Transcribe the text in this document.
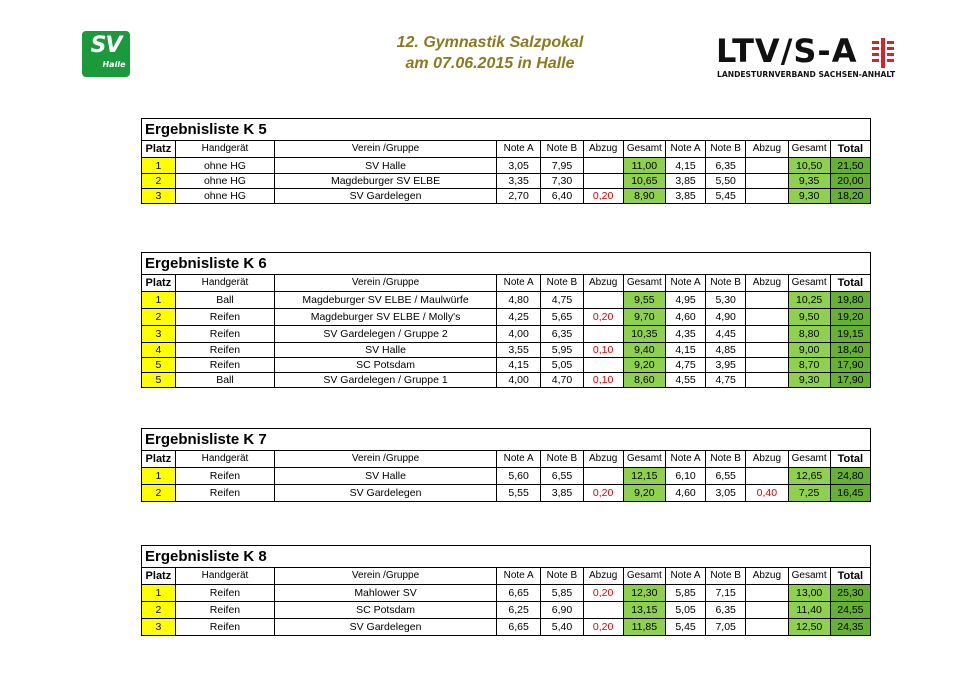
SV
Halle
12. Gymnastik Salzpokal
am 07.06.2015 in Halle	LTV/S-A
LANDESTURNVERBAND SACHSEN-ANHALT
Ergebnisliste K 5
Platz	Handgerät	Verein /Gruppe	Note A	Note B	Abzug	Gesamt	Note A	Note B	Abzug	Gesamt	Total
1	ohne HG	SV Halle	3,05	7,95		11,00	4,15	6,35		10,50	21,50
2	ohne HG	Magdeburger SV ELBE	3,35	7,30		10,65	3,85	5,50		9,35	20,00
3	ohne HG	SV Gardelegen	2,70	6,40	0,20	8,90	3,85	5,45		9,30	18,20
Ergebnisliste K 6
Platz	Handgerät	Verein /Gruppe	Note A	Note B	Abzug	Gesamt	Note A	Note B	Abzug	Gesamt	Total
1	Ball	Magdeburger SV ELBE / Maulwürfe	4,80	4,75		9,55	4,95	5,30		10,25	19,80
2	Reifen	Magdeburger SV ELBE / Molly's	4,25	5,65	0,20	9,70	4,60	4,90		9,50	19,20
3	Reifen	SV Gardelegen / Gruppe 2	4,00	6,35		10,35	4,35	4,45		8,80	19,15
4	Reifen	SV Halle	3,55	5,95	0,10	9,40	4,15	4,85		9,00	18,40
5	Reifen	SC Potsdam	4,15	5,05		9,20	4,75	3,95		8,70	17,90
5	Ball	SV Gardelegen / Gruppe 1	4,00	4,70	0,10	8,60	4,55	4,75		9,30	17,90
Ergebnisliste K 7
Platz	Handgerät	Verein /Gruppe	Note A	Note B	Abzug	Gesamt	Note A	Note B	Abzug	Gesamt	Total
1	Reifen	SV Halle	5,60	6,55		12,15	6,10	6,55		12,65	24,80
2	Reifen	SV Gardelegen	5,55	3,85	0,20	9,20	4,60	3,05	0,40	7,25	16,45
Ergebnisliste K 8
Platz	Handgerät	Verein /Gruppe	Note A	Note B	Abzug	Gesamt	Note A	Note B	Abzug	Gesamt	Total
1	Reifen	Mahlower SV	6,65	5,85	0,20	12,30	5,85	7,15		13,00	25,30
2	Reifen	SC Potsdam	6,25	6,90		13,15	5,05	6,35		11,40	24,55
3	Reifen	SV Gardelegen	6,65	5,40	0,20	11,85	5,45	7,05		12,50	24,35
